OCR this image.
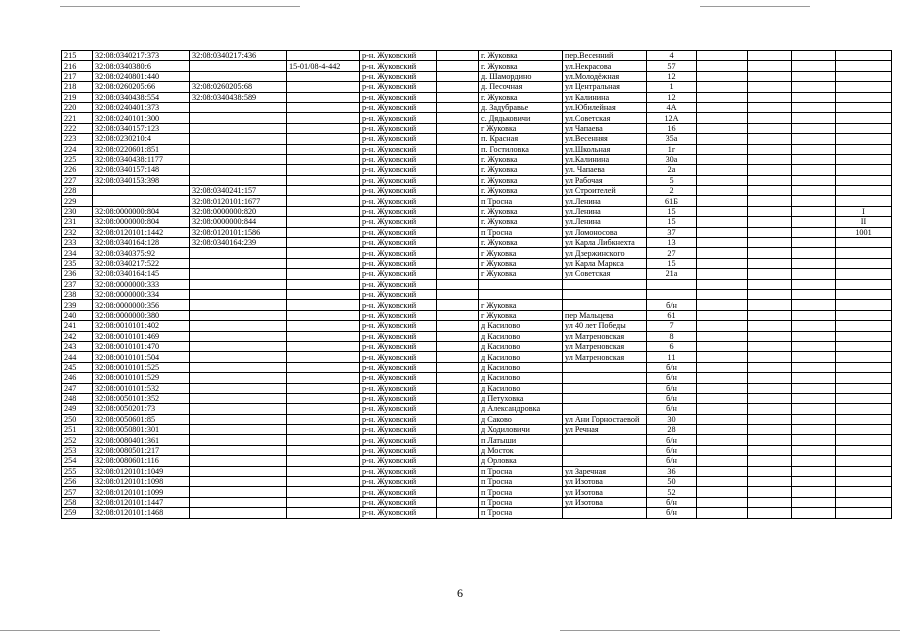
215	32:08:0340217:373	32:08:0340217:436		р-н. Жуковский		г. Жуковка	пер.Весенний	4				
216	32:08:0340380:6		15-01/08-4-442	р-н. Жуковский		г. Жуковка	ул.Некрасова	57				
217	32:08:0240801:440			р-н. Жуковский		д. Шамордино	ул.Молодёжная	12				
218	32:08:0260205:66	32:08:0260205:68		р-н. Жуковский		д. Песочная	ул Центральная	1				
219	32:08:0340438:554	32:08:0340438:589		р-н. Жуковский		г. Жуковка	ул Калинина	12				
220	32:08:0240401:373			р-н. Жуковский		д. Задубравье	ул.Юбилейная	4А				
221	32:08:0240101:300			р-н. Жуковский		с. Дядьковичи	ул.Советская	12А				
222	32:08:0340157:123			р-н. Жуковский		г Жуковка	ул Чапаева	16				
223	32:08:0230210:4			р-н. Жуковский		п. Красная	ул.Весенняя	35а				
224	32:08:0220601:851			р-н. Жуковский		п. Гостиловка	ул.Школьная	1г				
225	32:08:0340438:1177			р-н. Жуковский		г. Жуковка	ул.Калинина	30а				
226	32:08:0340157:148			р-н. Жуковский		г. Жуковка	ул. Чапаева	2а				
227	32:08:0340153:398			р-н. Жуковский		г. Жуковка	ул Рабочая	5				
228		32:08:0340241:157		р-н. Жуковский		г. Жуковка	ул Строителей	2				
229		32:08:0120101:1677		р-н. Жуковский		п Тросна	ул.Ленина	61Б				
230	32:08:0000000:804	32:08:0000000:820		р-н. Жуковский		г. Жуковка	ул.Ленина	15				I
231	32:08:0000000:804	32:08:0000000:844		р-н. Жуковский		г. Жуковка	ул.Ленина	15				II
232	32:08:0120101:1442	32:08:0120101:1586		р-н. Жуковский		п Тросна	ул Ломоносова	37				1001
233	32:08:0340164:128	32:08:0340164:239		р-н. Жуковский		г. Жуковка	ул Карла Либкнехта	13				
234	32:08:0340375:92			р-н. Жуковский		г Жуковка	ул Дзержинского	27				
235	32:08:0340217:522			р-н. Жуковский		г Жуковка	ул Карла Маркса	15				
236	32:08:0340164:145			р-н. Жуковский		г Жуковка	ул Советская	21а				
237	32:08:0000000:333			р-н. Жуковский								
238	32:08:0000000:334			р-н. Жуковский								
239	32:08:0000000:356			р-н. Жуковский		г Жуковка		б/н				
240	32:08:0000000:380			р-н. Жуковский		г Жуковка	пер Мальцева	61				
241	32:08:0010101:402			р-н. Жуковский		д Касилово	ул 40 лет Победы	7				
242	32:08:0010101:469			р-н. Жуковский		д Касилово	ул Матреновская	8				
243	32:08:0010101:470			р-н. Жуковский		д Касилово	ул Матреновская	6				
244	32:08:0010101:504			р-н. Жуковский		д Касилово	ул Матреновская	11				
245	32:08:0010101:525			р-н. Жуковский		д Касилово		б/н				
246	32:08:0010101:529			р-н. Жуковский		д Касилово		б/н				
247	32:08:0010101:532			р-н. Жуковский		д Касилово		б/н				
248	32:08:0050101:352			р-н. Жуковский		д Петуховка		б/н				
249	32:08:0050201:73			р-н. Жуковский		д Александровка		б/н				
250	32:08:0050601:85			р-н. Жуковский		д Саково	ул Ани Горностаевой	30				
251	32:08:0050801:301			р-н. Жуковский		д Ходиловичи	ул Речная	28				
252	32:08:0080401:361			р-н. Жуковский		п Латыши		б/н				
253	32:08:0080501:217			р-н. Жуковский		д Мосток		б/н				
254	32:08:0080601:116			р-н. Жуковский		д Орловка		б/н				
255	32:08:0120101:1049			р-н. Жуковский		п Тросна	ул Заречная	36				
256	32:08:0120101:1098			р-н. Жуковский		п Тросна	ул Изотова	50				
257	32:08:0120101:1099			р-н. Жуковский		п Тросна	ул Изотова	52				
258	32:08:0120101:1447			р-н. Жуковский		п Тросна	ул Изотова	б/н				
259	32:08:0120101:1468			р-н. Жуковский		п Тросна		б/н				
6
